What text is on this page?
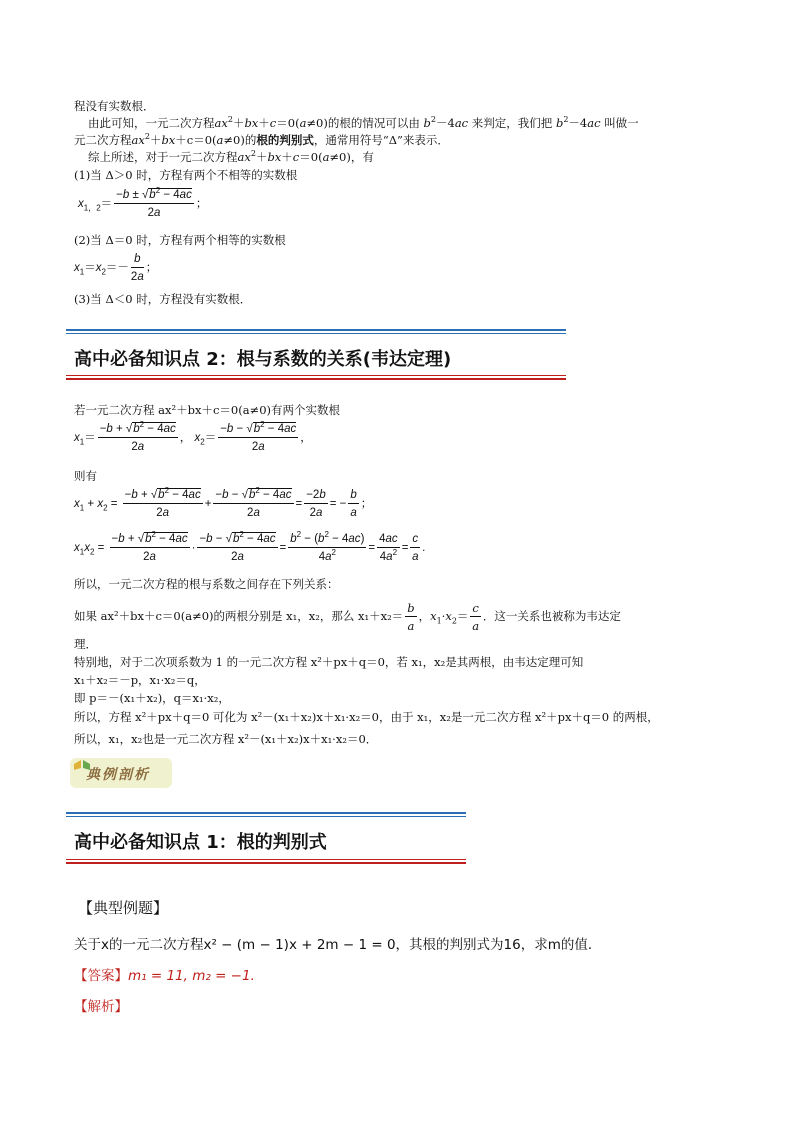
程没有实数根．
由此可知，一元二次方程$ax^2+bx+c=0(a\ne 0)$的根的情况可以由 $b^2-4ac$ 来判定，我们把 $b^2-4ac$ 叫做一
元二次方程$ax^2+bx+c=0(a\ne 0)$的根的判别式，通常用符号“Δ”来表示．
综上所述，对于一元二次方程$ax^2+bx+c=0(a\ne 0)$，有
(1)当 Δ＞0 时，方程有两个不相等的实数根
$x_{1,2}= \frac{-b \pm √b^2 - 4ac}{2a}$ ；
(2)当 Δ＝0 时，方程有两个相等的实数根
$x_1=x_2=- \frac{b}{2a}$ ；
(3)当 Δ＜0 时，方程没有实数根．
高中必备知识点 2：根与系数的关系(韦达定理)
若一元二次方程 ax²＋bx＋c＝0(a≠0)有两个实数根
$x_1= \frac{-b + √b^2 - 4ac}{2a}$ ， $x_2= \frac{-b - √b^2 - 4ac}{2a}$ ，
则有
$x_1 + x_2 = \frac{-b + √b^2 - 4ac}{2a} + \frac{-b - √b^2 - 4ac}{2a} = \frac{-2b}{2a}$ = − $\frac{b}{a}$ ；
$x_1x_2 = \frac{-b + √b^2 - 4ac}{2a} \cdot \frac{-b - √b^2 - 4ac}{2a} = \frac{b^2 - (b^2 - 4ac)}{4a^2} = \frac{4ac}{4a^2} = \frac{c}{a}$ .
所以，一元二次方程的根与系数之间存在下列关系：
如果 ax²＋bx＋c＝0(a≠0)的两根分别是 x₁，x₂，那么 $x_1+x_2= \frac{b}{a}$ ，$x_1\cdot x_2= \frac{c}{a}$ ．这一关系也被称为韦达定
理．
特别地，对于二次项系数为 1 的一元二次方程 x²＋px＋q＝0，若 x₁，x₂是其两根，由韦达定理可知
x₁＋x₂＝－p，x₁·x₂＝q，
即 p＝－(x₁＋x₂)，q＝x₁·x₂，
所以，方程 x²＋px＋q＝0 可化为 x²－(x₁＋x₂)x＋x₁·x₂＝0，由于 x₁，x₂是一元二次方程 x²＋px＋q＝0 的两根，
所以，x₁，x₂也是一元二次方程 x²－(x₁＋x₂)x＋x₁·x₂＝0．
典例剖析
高中必备知识点 1：根的判别式
【典型例题】
关于x的一元二次方程x² − (m − 1)x + 2m − 1 = 0，其根的判别式为16，求m的值．
【答案】m₁ = 11, m₂ = −1.
【解析】
